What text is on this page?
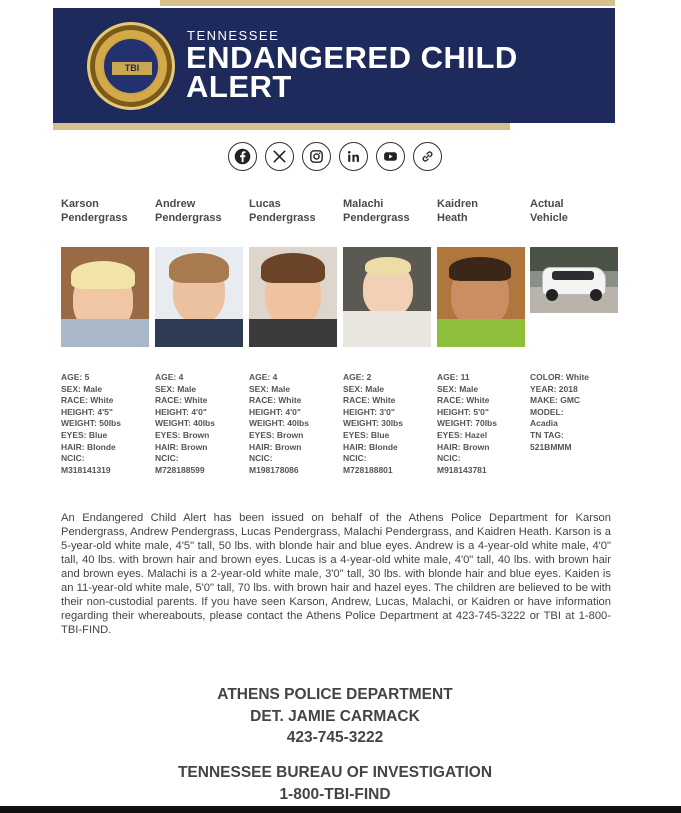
TBI
TENNESSEE
ENDANGERED CHILD ALERT
Karson
Pendergrass
AGE: 5
SEX: Male
RACE: White
HEIGHT: 4'5"
WEIGHT: 50lbs
EYES: Blue
HAIR: Blonde
NCIC:
M318141319
Andrew
Pendergrass
AGE: 4
SEX: Male
RACE: White
HEIGHT: 4'0"
WEIGHT: 40lbs
EYES: Brown
HAIR: Brown
NCIC:
M728188599
Lucas
Pendergrass
AGE: 4
SEX: Male
RACE: White
HEIGHT: 4'0"
WEIGHT: 40lbs
EYES: Brown
HAIR: Brown
NCIC:
M198178086
Malachi
Pendergrass
AGE: 2
SEX: Male
RACE: White
HEIGHT: 3'0"
WEIGHT: 30lbs
EYES: Blue
HAIR: Blonde
NCIC:
M728188801
Kaidren
Heath
AGE: 11
SEX: Male
RACE: White
HEIGHT: 5'0"
WEIGHT: 70lbs
EYES: Hazel
HAIR: Brown
NCIC:
M918143781
Actual
Vehicle
COLOR: White
YEAR: 2018
MAKE: GMC
MODEL:
Acadia
TN TAG:
521BMMM
An Endangered Child Alert has been issued on behalf of the Athens Police Department for Karson Pendergrass, Andrew Pendergrass, Lucas Pendergrass, Malachi Pendergrass, and Kaidren Heath. Karson is a 5-year-old white male, 4'5" tall, 50 lbs. with blonde hair and blue eyes. Andrew is a 4-year-old white male, 4'0" tall, 40 lbs. with brown hair and brown eyes. Lucas is a 4-year-old white male, 4'0" tall, 40 lbs. with brown hair and brown eyes. Malachi is a 2-year-old white male, 3'0" tall, 30 lbs. with blonde hair and blue eyes. Kaiden is an 11-year-old white male, 5'0" tall, 70 lbs. with brown hair and hazel eyes. The children are believed to be with their non-custodial parents. If you have seen Karson, Andrew, Lucas, Malachi, or Kaidren or have information regarding their whereabouts, please contact the Athens Police Department at 423-745-3222 or TBI at 1-800-TBI-FIND.
ATHENS POLICE DEPARTMENT
DET. JAMIE CARMACK
423-745-3222
TENNESSEE BUREAU OF INVESTIGATION
1-800-TBI-FIND
